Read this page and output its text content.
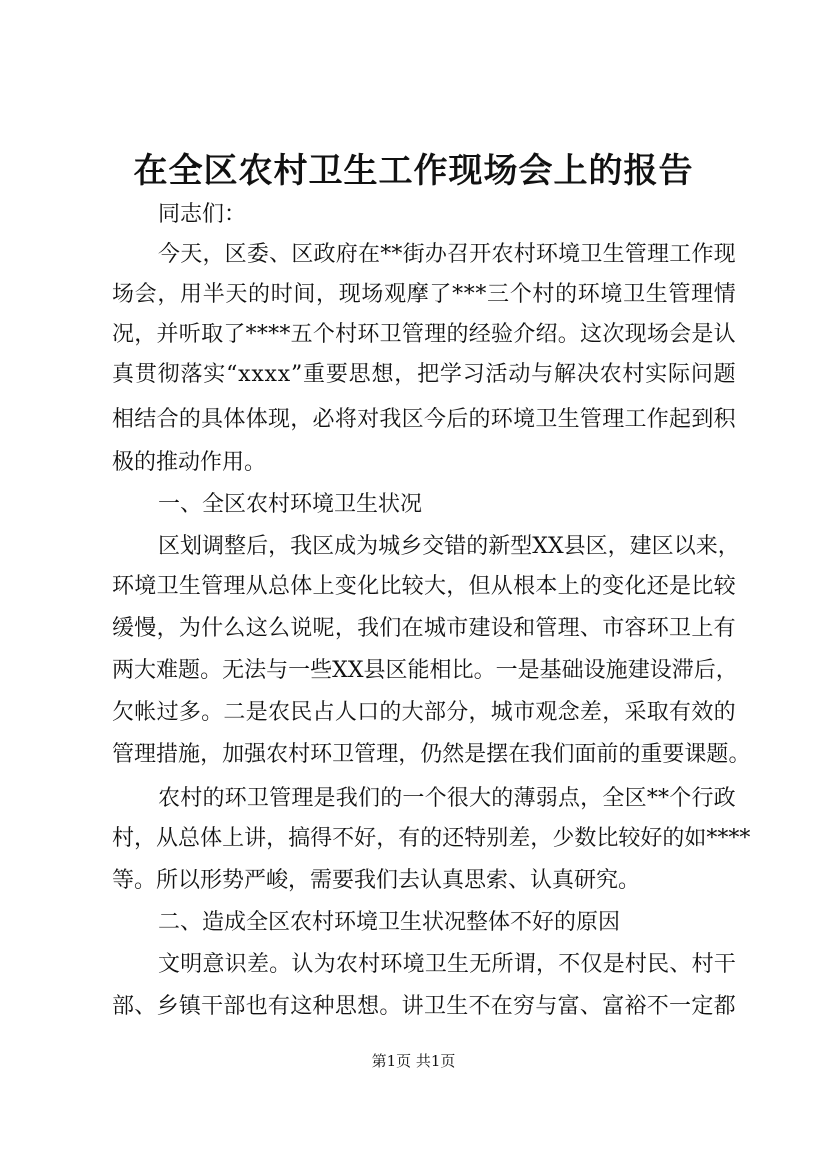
在全区农村卫生工作现场会上的报告
同志们：
今 天 ， 区 委 、 区 政 府 在 * * 街 办 召 开 农 村 环 境 卫 生 管 理 工 作 现
场 会 ， 用 半 天 的 时 间 ， 现 场 观 摩 了 * * * 三 个 村 的 环 境 卫 生 管 理 情
况 ， 并 听 取 了 * * * * 五 个 村 环 卫 管 理 的 经 验 介 绍 。 这 次 现 场 会 是 认
真 贯 彻 落 实 “ x x x x ” 重 要 思 想 ， 把 学 习 活 动 与 解 决 农 村 实 际 问 题
相 结 合 的 具 体 体 现 ， 必 将 对 我 区 今 后 的 环 境 卫 生 管 理 工 作 起 到 积
极的推动作用。
一、全区农村环境卫生状况
区 划 调 整 后 ， 我 区 成 为 城 乡 交 错 的 新 型 X X 县 区 ， 建 区 以 来 ，
环 境 卫 生 管 理 从 总 体 上 变 化 比 较 大 ， 但 从 根 本 上 的 变 化 还 是 比 较
缓 慢 ， 为 什 么 这 么 说 呢 ， 我 们 在 城 市 建 设 和 管 理 、 市 容 环 卫 上 有
两 大 难 题 。 无 法 与 一 些 X X 县 区 能 相 比 。 一 是 基 础 设 施 建 设 滞 后 ，
欠 帐 过 多 。 二 是 农 民 占 人 口 的 大 部 分 ， 城 市 观 念 差 ， 采 取 有 效 的
管 理 措 施 ， 加 强 农 村 环 卫 管 理 ， 仍 然 是 摆 在 我 们 面 前 的 重 要 课 题 。
农 村 的 环 卫 管 理 是 我 们 的 一 个 很 大 的 薄 弱 点 ， 全 区 * * 个 行 政
村 ， 从 总 体 上 讲 ， 搞 得 不 好 ， 有 的 还 特 别 差 ， 少 数 比 较 好 的 如 * * * *
等。所以形势严峻，需要我们去认真思索、认真研究。
二、造成全区农村环境卫生状况整体不好的原因
文 明 意 识 差 。 认 为 农 村 环 境 卫 生 无 所 谓 ， 不 仅 是 村 民 、 村 干
部 、 乡 镇 干 部 也 有 这 种 思 想 。 讲 卫 生 不 在 穷 与 富 、 富 裕 不 一 定 都
第1页 共1页
